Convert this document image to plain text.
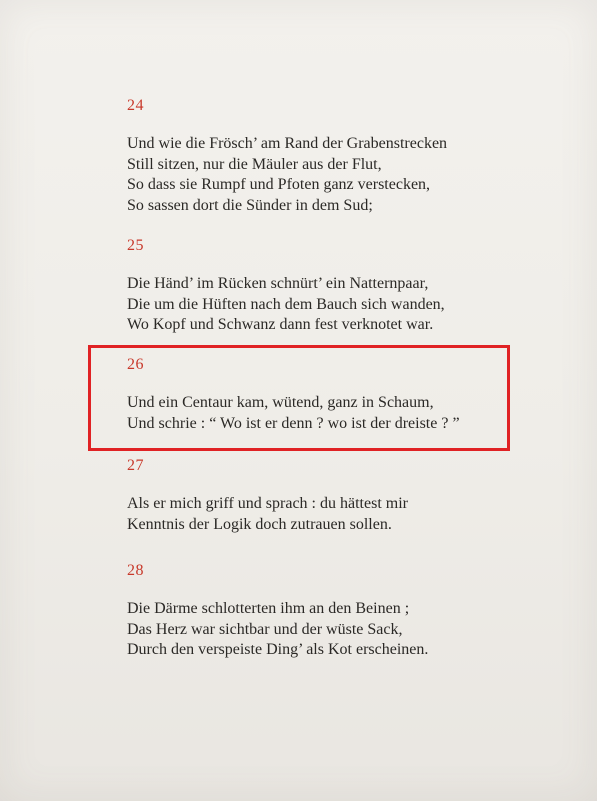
24
Und wie die Frösch’ am Rand der Grabenstrecken
Still sitzen, nur die Mäuler aus der Flut,
So dass sie Rumpf und Pfoten ganz verstecken,
So sassen dort die Sünder in dem Sud;
25
Die Händ’ im Rücken schnürt’ ein Natternpaar,
Die um die Hüften nach dem Bauch sich wanden,
Wo Kopf und Schwanz dann fest verknotet war.
26
Und ein Centaur kam, wütend, ganz in Schaum,
Und schrie : “ Wo ist er denn ? wo ist der dreiste ? ”
27
Als er mich griff und sprach : du hättest mir
Kenntnis der Logik doch zutrauen sollen.
28
Die Därme schlotterten ihm an den Beinen ;
Das Herz war sichtbar und der wüste Sack,
Durch den verspeiste Ding’ als Kot erscheinen.
